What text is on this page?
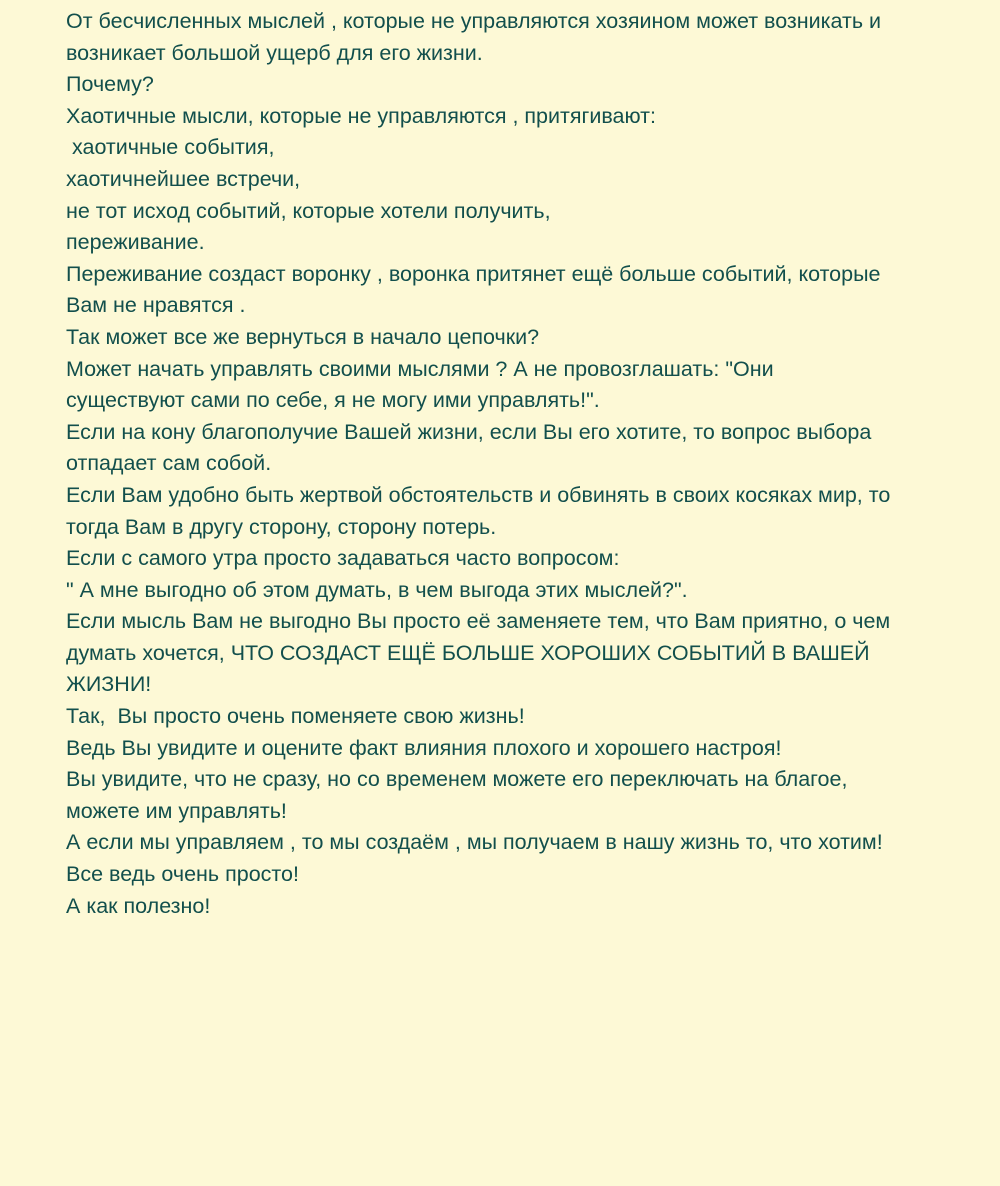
От бесчисленных мыслей , которые не управляются хозяином может возникать и

возникает большой ущерб для его жизни.

Почему?

Хаотичные мысли, которые не управляются , притягивают:

хаотичные события,

хаотичнейшее встречи,

не тот исход событий, которые хотели получить,

переживание.

Переживание создаст воронку , воронка притянет ещё больше событий, которые

Вам не нравятся .

Так может все же вернуться в начало цепочки?

Может начать управлять своими мыслями ? А не провозглашать: "Они

существуют сами по себе, я не могу ими управлять!".

Если на кону благополучие Вашей жизни, если Вы его хотите, то вопрос выбора

отпадает сам собой.

Если Вам удобно быть жертвой обстоятельств и обвинять в своих косяках мир, то

тогда Вам в другу сторону, сторону потерь.

Если с самого утра просто задаваться часто вопросом:

" А мне выгодно об этом думать, в чем выгода этих мыслей?".

Если мысль Вам не выгодно Вы просто её заменяете тем, что Вам приятно, о чем

думать хочется, ЧТО СОЗДАСТ ЕЩЁ БОЛЬШЕ ХОРОШИХ СОБЫТИЙ В ВАШЕЙ

ЖИЗНИ!

Так,  Вы просто очень поменяете свою жизнь!

Ведь Вы увидите и оцените факт влияния плохого и хорошего настроя!

Вы увидите, что не сразу, но со временем можете его переключать на благое,

можете им управлять!

А если мы управляем , то мы создаём , мы получаем в нашу жизнь то, что хотим!

Все ведь очень просто!

А как полезно!
